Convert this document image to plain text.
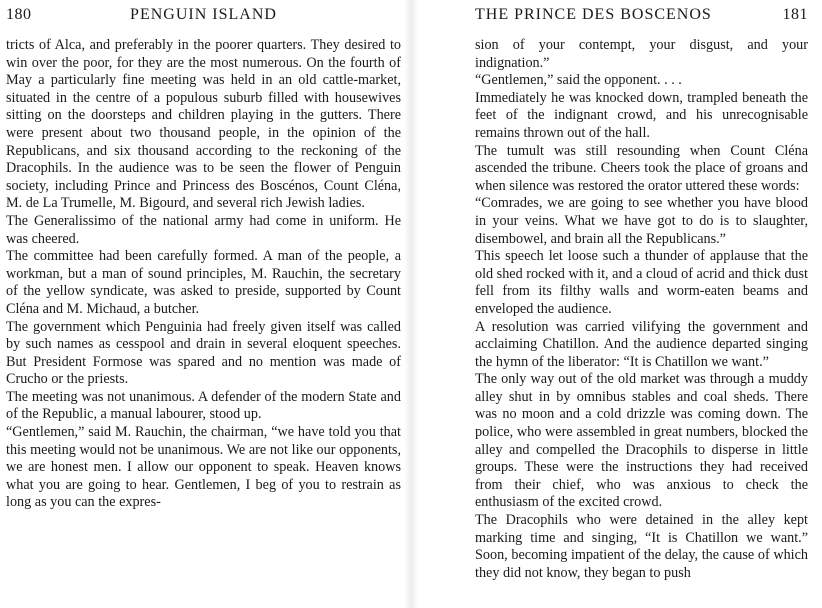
180	PENGUIN ISLAND

tricts of Alca, and preferably in the poorer quarters. They desired to win over the poor, for they are the most numerous. On the fourth of May a particularly fine meeting was held in an old cattle-market, situated in the centre of a populous suburb filled with housewives sitting on the doorsteps and children playing in the gutters. There were present about two thousand people, in the opinion of the Republicans, and six thousand according to the reckoning of the Dracophils. In the audience was to be seen the flower of Penguin society, including Prince and Princess des Boscénos, Count Cléna, M. de La Trumelle, M. Bigourd, and several rich Jewish ladies.

The Generalissimo of the national army had come in uniform. He was cheered.

The committee had been carefully formed. A man of the people, a workman, but a man of sound principles, M. Rauchin, the secretary of the yellow syndicate, was asked to preside, supported by Count Cléna and M. Michaud, a butcher.

The government which Penguinia had freely given itself was called by such names as cesspool and drain in several eloquent speeches. But President Formose was spared and no mention was made of Crucho or the priests.

The meeting was not unanimous. A defender of the modern State and of the Republic, a manual labourer, stood up.

“Gentlemen,” said M. Rauchin, the chairman, “we have told you that this meeting would not be unanimous. We are not like our opponents, we are honest men. I allow our opponent to speak. Heaven knows what you are going to hear. Gentlemen, I beg of you to restrain as long as you can the expres-

THE PRINCE DES BOSCENOS	181

sion of your contempt, your disgust, and your indignation.”

“Gentlemen,” said the opponent. . . .

Immediately he was knocked down, trampled beneath the feet of the indignant crowd, and his unrecognisable remains thrown out of the hall.

The tumult was still resounding when Count Cléna ascended the tribune. Cheers took the place of groans and when silence was restored the orator uttered these words:

“Comrades, we are going to see whether you have blood in your veins. What we have got to do is to slaughter, disembowel, and brain all the Republicans.”

This speech let loose such a thunder of applause that the old shed rocked with it, and a cloud of acrid and thick dust fell from its filthy walls and worm-eaten beams and enveloped the audience.

A resolution was carried vilifying the government and acclaiming Chatillon. And the audience departed singing the hymn of the liberator: “It is Chatillon we want.”

The only way out of the old market was through a muddy alley shut in by omnibus stables and coal sheds. There was no moon and a cold drizzle was coming down. The police, who were assembled in great numbers, blocked the alley and compelled the Dracophils to disperse in little groups. These were the instructions they had received from their chief, who was anxious to check the enthusiasm of the excited crowd.

The Dracophils who were detained in the alley kept marking time and singing, “It is Chatillon we want.” Soon, becoming impatient of the delay, the cause of which they did not know, they began to push
